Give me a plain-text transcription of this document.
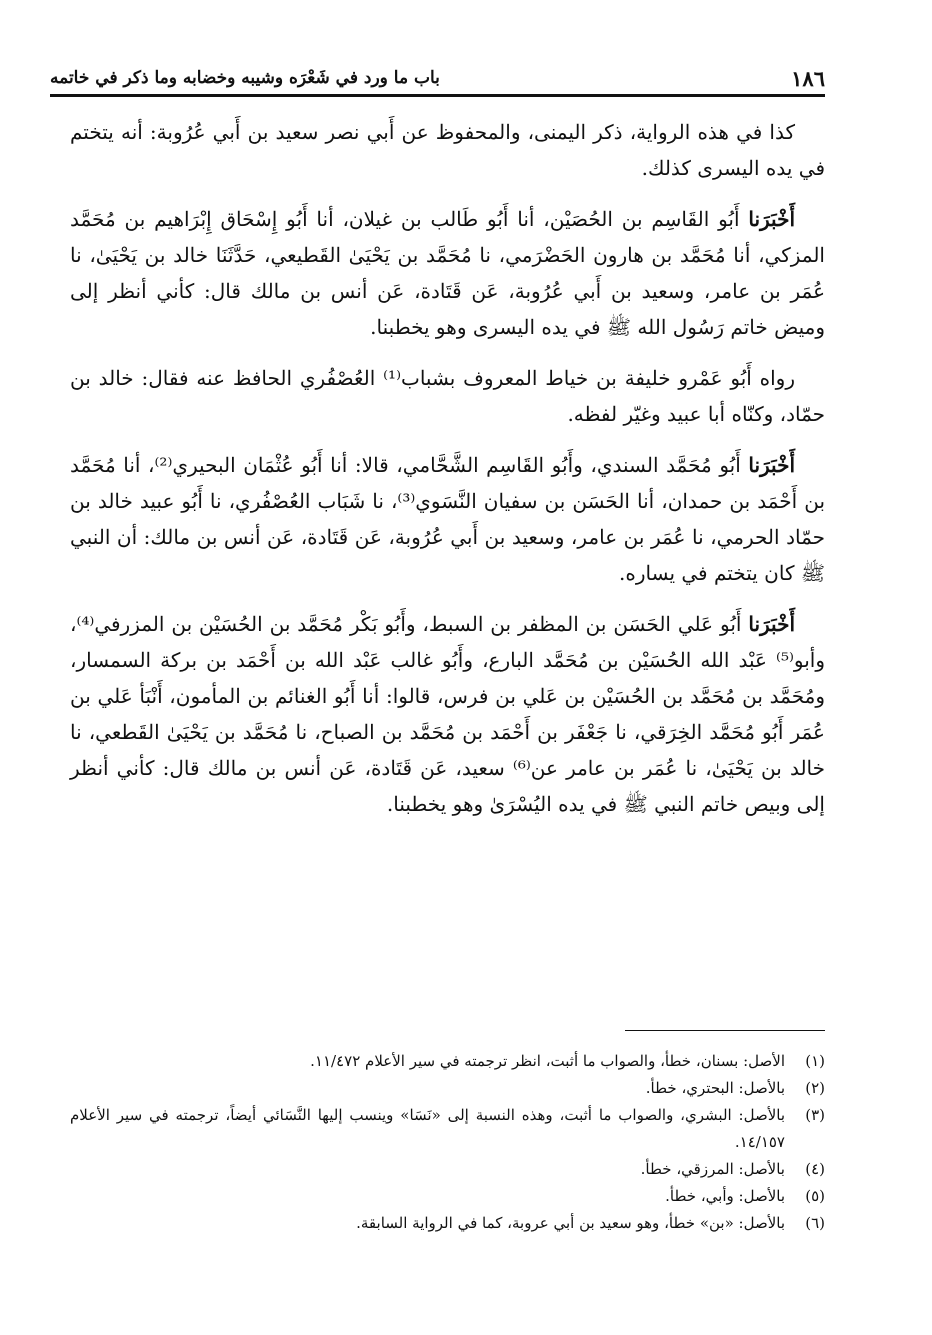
١٨٦
باب ما ورد في شَعْرَه وشيبه وخضابه وما ذكر في خاتمه

كذا في هذه الرواية، ذكر اليمنى، والمحفوظ عن أَبي نصر سعيد بن أَبي عُرُوبة: أنه يتختم في يده اليسرى كذلك.

أَخْبَرَنا أَبُو القَاسِم بن الحُصَيْن، أنا أَبُو طَالب بن غيلان، أنا أَبُو إِسْحَاق إِبْرَاهيم بن مُحَمَّد المزكي، أنا مُحَمَّد بن هارون الحَضْرَمي، نا مُحَمَّد بن يَحْيَىٰ القَطيعي، حَدَّثَنَا خالد بن يَحْيَىٰ، نا عُمَر بن عامر، وسعيد بن أَبي عُرُوبة، عَن قَتَادة، عَن أنس بن مالك قال: كأني أنظر إلى وميض خاتم رَسُول الله ﷺ في يده اليسرى وهو يخطبنا.

رواه أَبُو عَمْرو خليفة بن خياط المعروف بشباب⁽¹⁾ العُصْفُري الحافظ عنه فقال: خالد بن حمّاد، وكنّاه أبا عبيد وغيّر لفظه.

أَخْبَرَنا أَبُو مُحَمَّد السندي، وأَبُو القَاسِم الشَّحَّامي، قالا: أنا أَبُو عُثْمَان البحيري⁽²⁾، أنا مُحَمَّد بن أَحْمَد بن حمدان، أنا الحَسَن بن سفيان النَّسَوي⁽³⁾، نا شَبَاب العُصْفُري، نا أَبُو عبيد خالد بن حمّاد الحرمي، نا عُمَر بن عامر، وسعيد بن أَبي عُرُوبة، عَن قَتَادة، عَن أنس بن مالك: أن النبي ﷺ كان يتختم في يساره.

أَخْبَرَنا أَبُو عَلي الحَسَن بن المظفر بن السبط، وأَبُو بَكْر مُحَمَّد بن الحُسَيْن بن المزرفي⁽⁴⁾، وأبو⁽⁵⁾ عَبْد الله الحُسَيْن بن مُحَمَّد البارع، وأَبُو غالب عَبْد الله بن أَحْمَد بن بركة السمسار، ومُحَمَّد بن مُحَمَّد بن الحُسَيْن بن عَلي بن فرس، قالوا: أنا أَبُو الغنائم بن المأمون، أَنْبَأ عَلي بن عُمَر أَبُو مُحَمَّد الخِرَقي، نا جَعْفَر بن أَحْمَد بن مُحَمَّد بن الصباح، نا مُحَمَّد بن يَحْيَىٰ القَطعي، نا خالد بن يَحْيَىٰ، نا عُمَر بن عامر عن⁽⁶⁾ سعيد، عَن قَتَادة، عَن أنس بن مالك قال: كأني أنظر إلى وبيص خاتم النبي ﷺ في يده اليُسْرَىٰ وهو يخطبنا.

(١)
الأصل: بسنان، خطأ، والصواب ما أثبت، انظر ترجمته في سير الأعلام ١١/٤٧٢.
(٢)
بالأصل: البحتري، خطأ.
(٣)
بالأصل: البشري، والصواب ما أثبت، وهذه النسبة إلى «نَسَا» وينسب إليها النَّسَائي أيضاً، ترجمته في سير الأعلام ١٤/١٥٧.
(٤)
بالأصل: المرزقي، خطأ.
(٥)
بالأصل: وأبي، خطأ.
(٦)
بالأصل: «بن» خطأ، وهو سعيد بن أبي عروبة، كما في الرواية السابقة.
